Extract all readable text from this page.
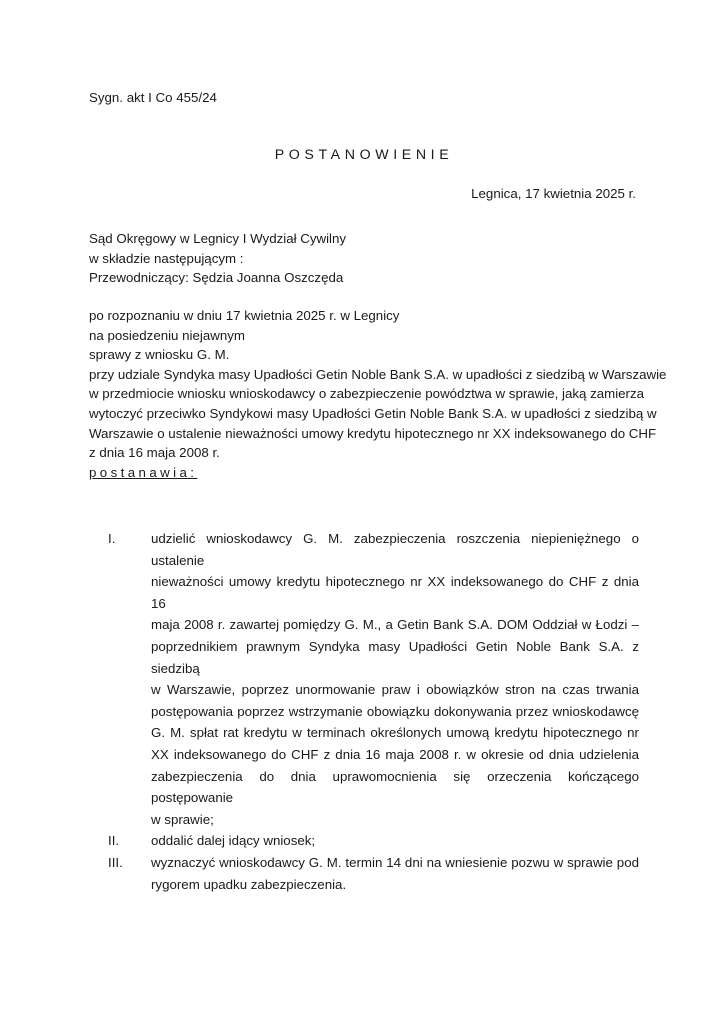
Sygn. akt I Co 455/24
POSTANOWIENIE
Legnica, 17 kwietnia 2025 r.
Sąd Okręgowy w Legnicy I Wydział Cywilny
w składzie następującym :
Przewodniczący: Sędzia Joanna Oszczęda
po rozpoznaniu w dniu 17 kwietnia 2025 r. w Legnicy
na posiedzeniu niejawnym
sprawy z wniosku G. M.
przy udziale Syndyka masy Upadłości Getin Noble Bank S.A. w upadłości z siedzibą w Warszawie
w przedmiocie wniosku wnioskodawcy o zabezpieczenie powództwa w sprawie, jaką zamierza
wytoczyć przeciwko Syndykowi masy Upadłości Getin Noble Bank S.A. w upadłości z siedzibą w
Warszawie o ustalenie nieważności umowy kredytu hipotecznego nr XX indeksowanego do CHF
z dnia 16 maja 2008 r.
postanawia:
I.	udzielić wnioskodawcy G. M. zabezpieczenia roszczenia niepieniężnego o ustalenie
nieważności umowy kredytu hipotecznego nr XX indeksowanego do CHF z dnia 16
maja 2008 r. zawartej pomiędzy G. M., a Getin Bank S.A. DOM Oddział w Łodzi –
poprzednikiem prawnym Syndyka masy Upadłości Getin Noble Bank S.A. z siedzibą
w Warszawie, poprzez unormowanie praw i obowiązków stron na czas trwania
postępowania poprzez wstrzymanie obowiązku dokonywania przez wnioskodawcę
G. M. spłat rat kredytu w terminach określonych umową kredytu hipotecznego nr
XX indeksowanego do CHF z dnia 16 maja 2008 r. w okresie od dnia udzielenia
zabezpieczenia do dnia uprawomocnienia się orzeczenia kończącego postępowanie
w sprawie;
II. oddalić dalej idący wniosek;
III. wyznaczyć wnioskodawcy G. M. termin 14 dni na wniesienie pozwu w sprawie pod
rygorem upadku zabezpieczenia.
